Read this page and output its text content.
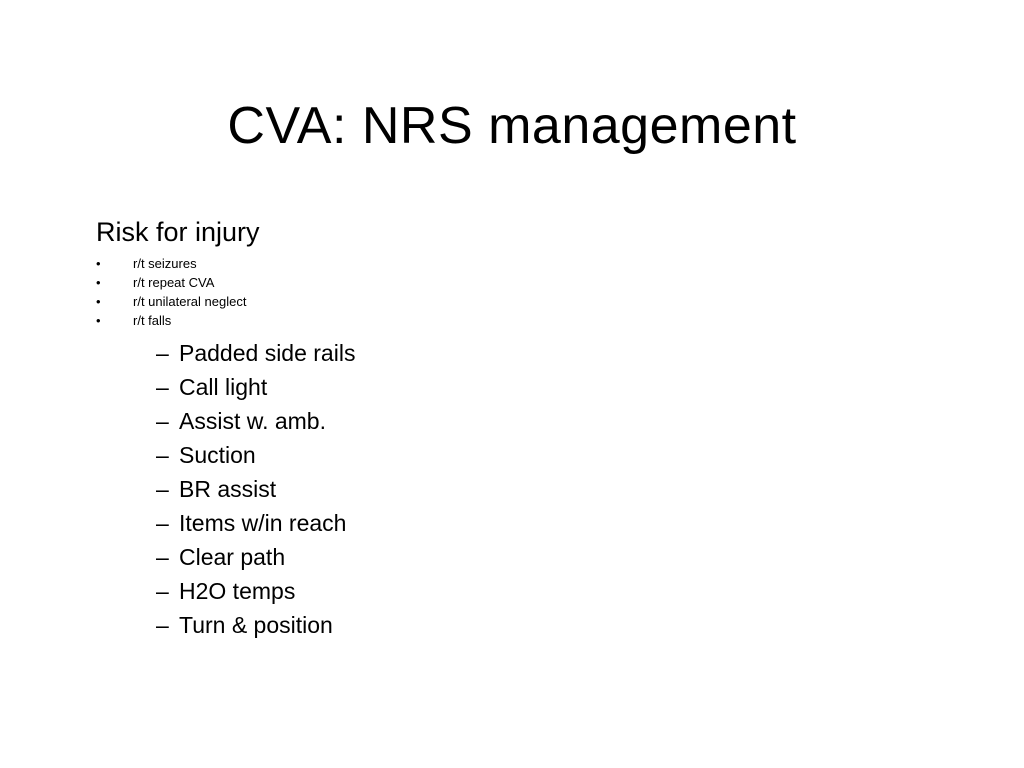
CVA: NRS management

Risk for injury

•	r/t seizures
•	r/t repeat CVA
•	r/t unilateral neglect
•	r/t falls
– Padded side rails
– Call light
– Assist w. amb.
– Suction
– BR assist
– Items w/in reach
– Clear path
– H2O temps
– Turn & position
